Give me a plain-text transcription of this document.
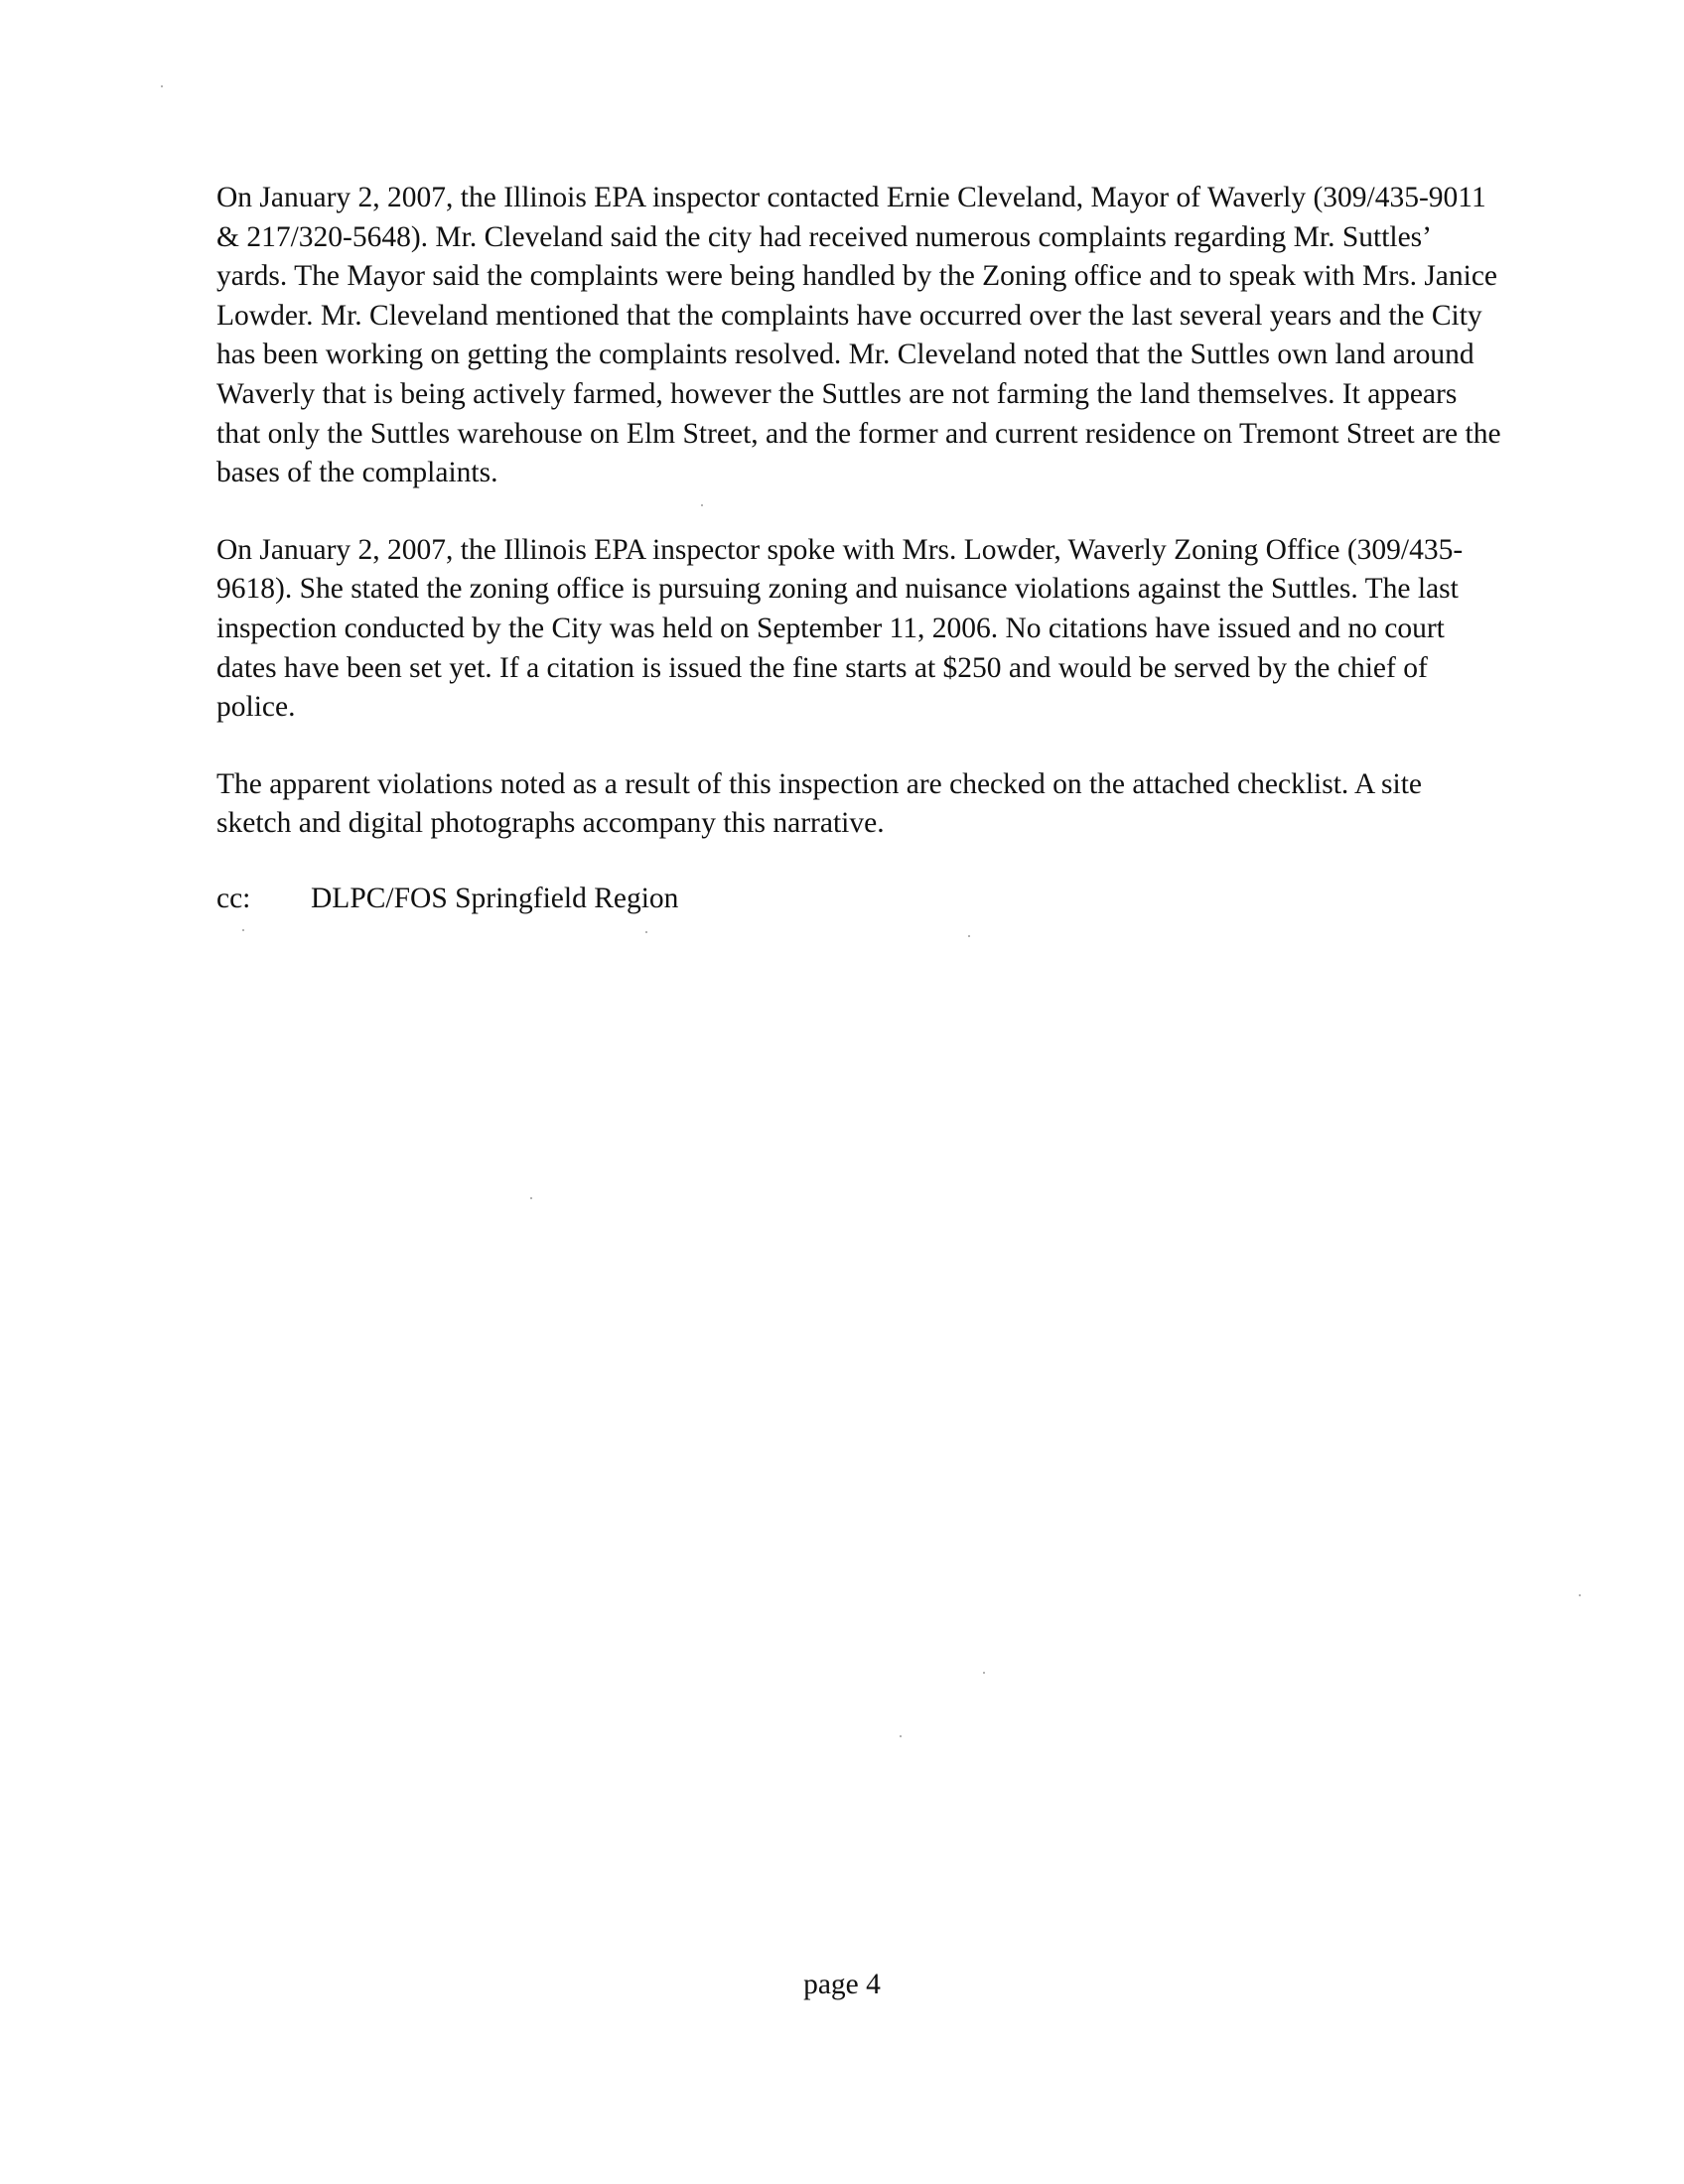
On January 2, 2007, the Illinois EPA inspector contacted Ernie Cleveland, Mayor of Waverly (309/435-9011 & 217/320-5648). Mr. Cleveland said the city had received numerous complaints regarding Mr. Suttles’ yards. The Mayor said the complaints were being handled by the Zoning office and to speak with Mrs. Janice Lowder. Mr. Cleveland mentioned that the complaints have occurred over the last several years and the City has been working on getting the complaints resolved. Mr. Cleveland noted that the Suttles own land around Waverly that is being actively farmed, however the Suttles are not farming the land themselves. It appears that only the Suttles warehouse on Elm Street, and the former and current residence on Tremont Street are the bases of the complaints.

On January 2, 2007, the Illinois EPA inspector spoke with Mrs. Lowder, Waverly Zoning Office (309/435-9618). She stated the zoning office is pursuing zoning and nuisance violations against the Suttles. The last inspection conducted by the City was held on September 11, 2006. No citations have issued and no court dates have been set yet. If a citation is issued the fine starts at $250 and would be served by the chief of police.

The apparent violations noted as a result of this inspection are checked on the attached checklist. A site sketch and digital photographs accompany this narrative.

cc: DLPC/FOS Springfield Region
page 4
